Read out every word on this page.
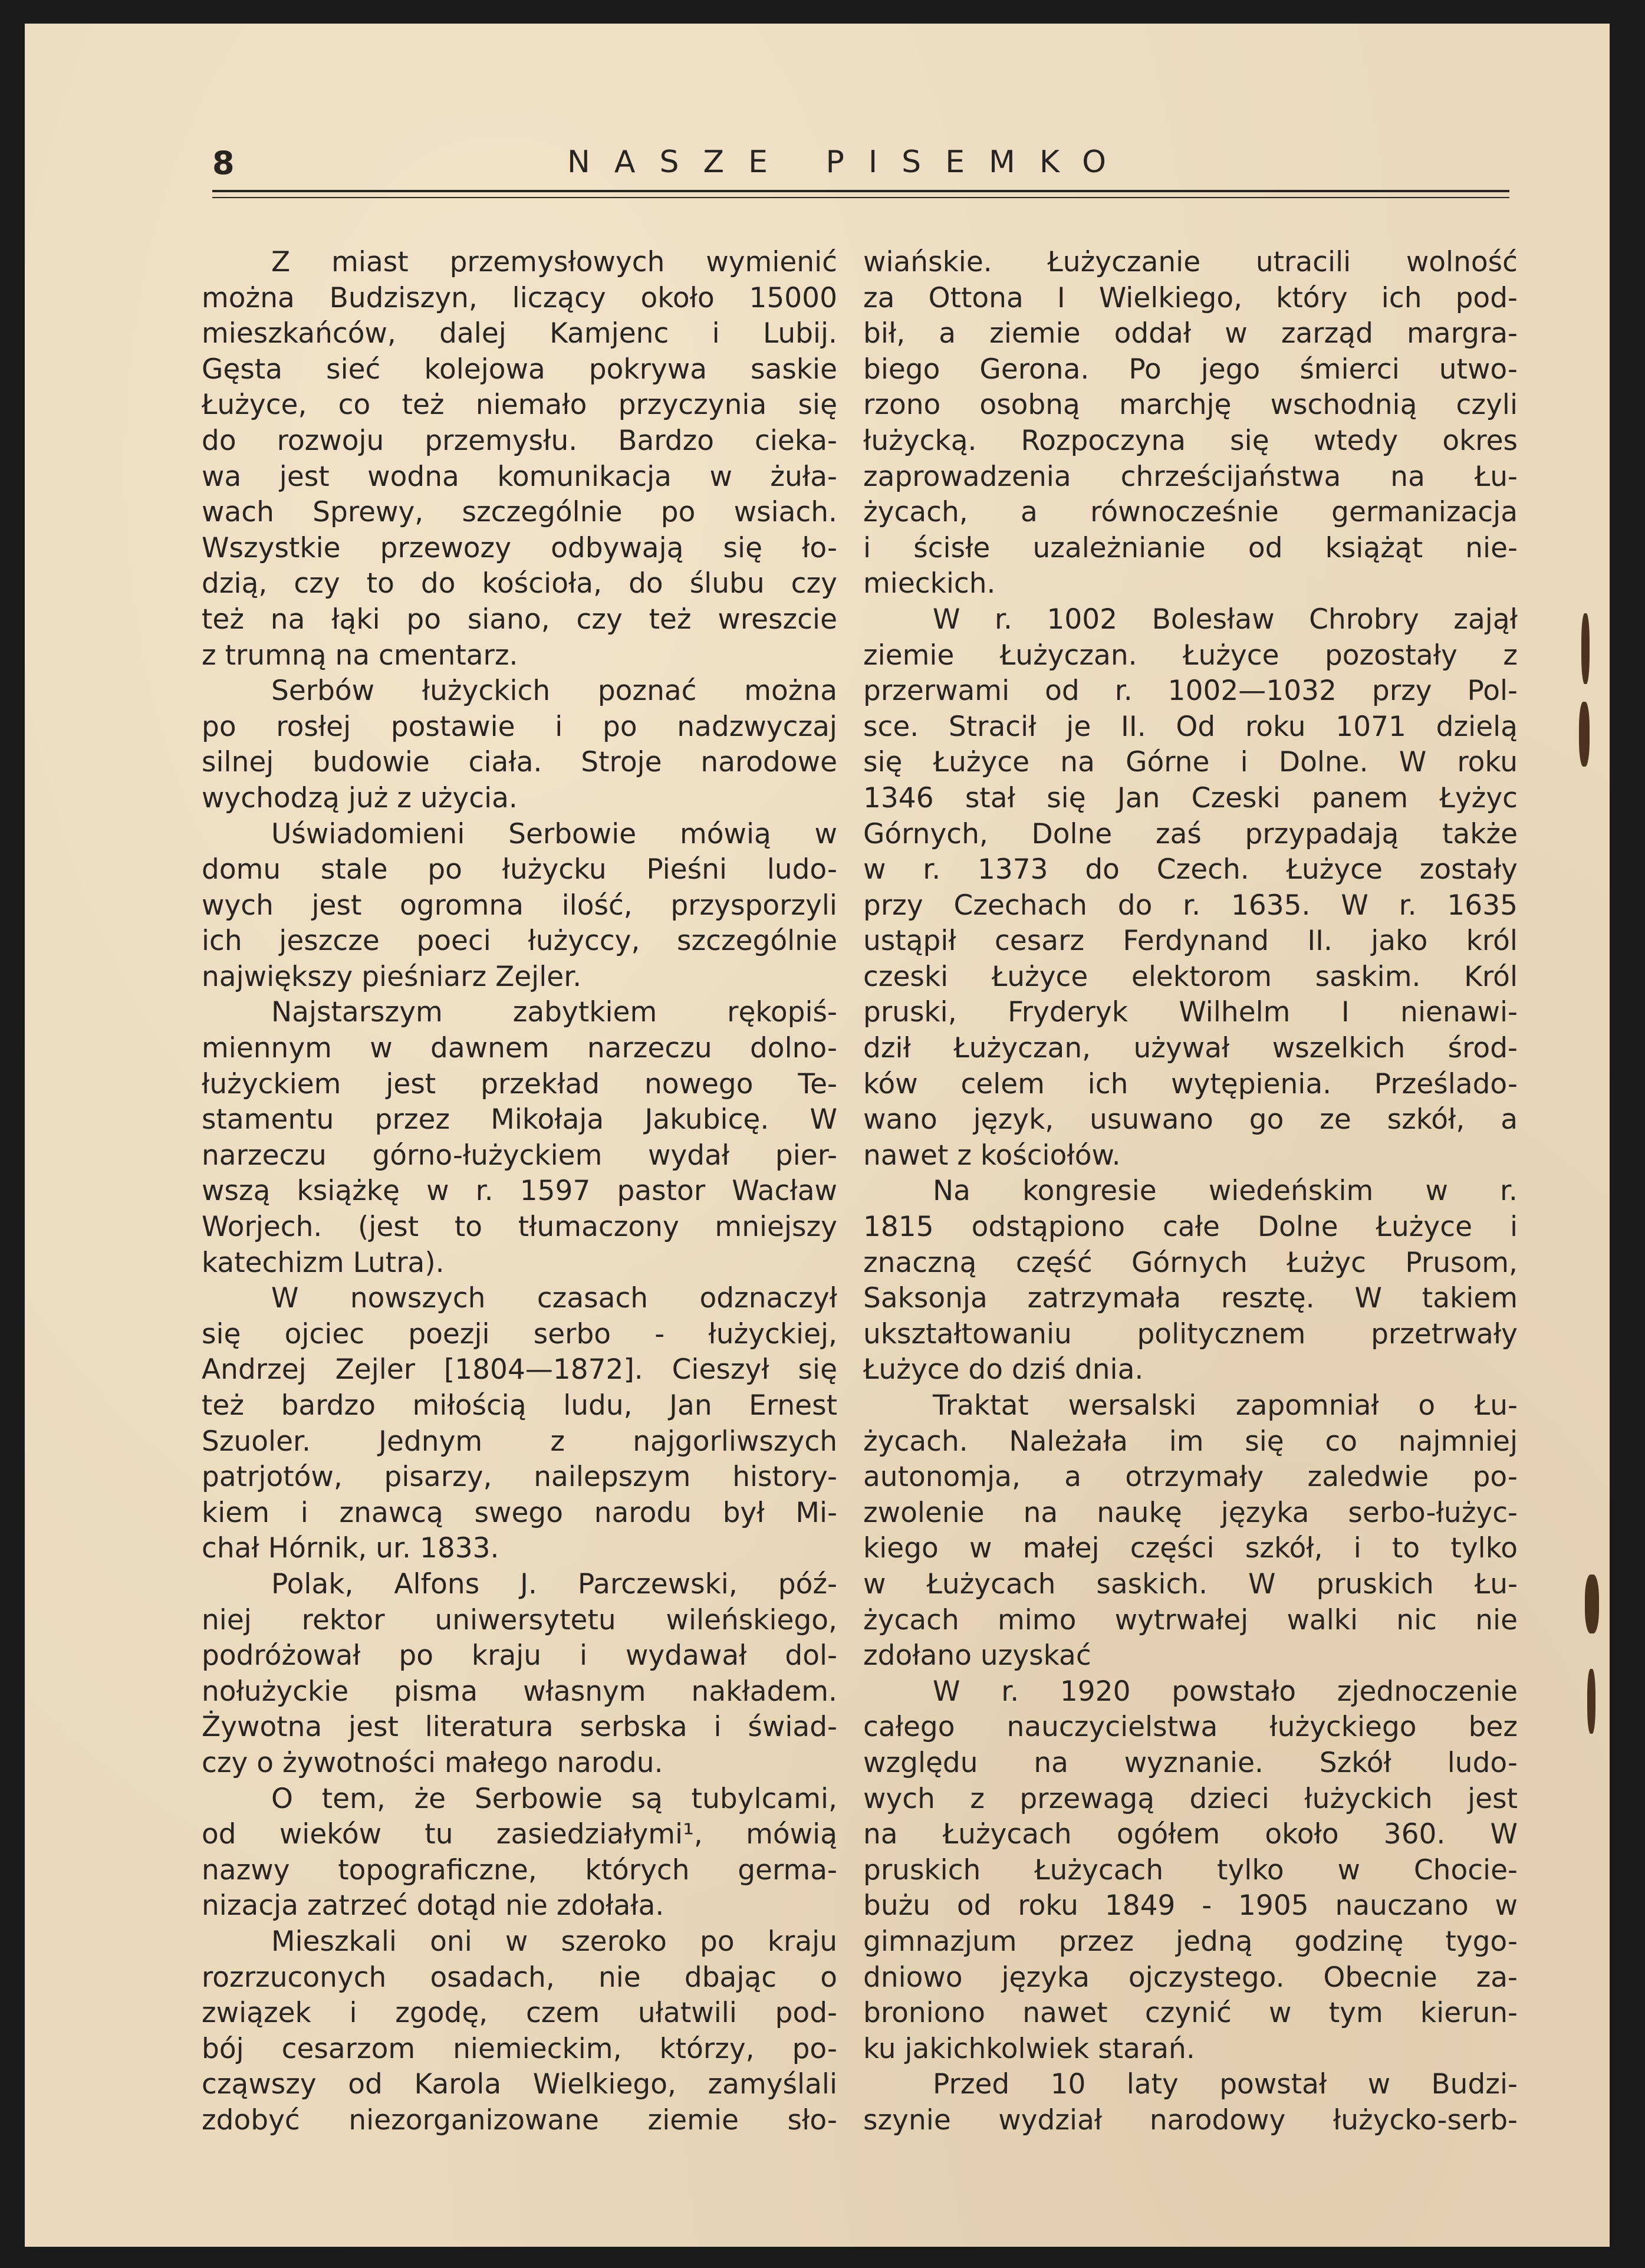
8	NASZE PISEMKO
Z miast przemysłowych wymienić
można Budziszyn, liczący około 15000
mieszkańców, dalej Kamjenc i Lubij.
Gęsta sieć kolejowa pokrywa saskie
Łużyce, co też niemało przyczynia się
do rozwoju przemysłu. Bardzo cieka-
wa jest wodna komunikacja w żuła-
wach Sprewy, szczególnie po wsiach.
Wszystkie przewozy odbywają się ło-
dzią, czy to do kościoła, do ślubu czy
też na łąki po siano, czy też wreszcie
z trumną na cmentarz.
Serbów łużyckich poznać można
po rosłej postawie i po nadzwyczaj
silnej budowie ciała. Stroje narodowe
wychodzą już z użycia.
Uświadomieni Serbowie mówią w
domu stale po łużycku Pieśni ludo-
wych jest ogromna ilość, przysporzyli
ich jeszcze poeci łużyccy, szczególnie
największy pieśniarz Zejler.
Najstarszym zabytkiem rękopiś-
miennym w dawnem narzeczu dolno-
łużyckiem jest przekład nowego Te-
stamentu przez Mikołaja Jakubicę. W
narzeczu górno-łużyckiem wydał pier-
wszą książkę w r. 1597 pastor Wacław
Worjech. (jest to tłumaczony mniejszy
katechizm Lutra).
W nowszych czasach odznaczył
się ojciec poezji serbo - łużyckiej,
Andrzej Zejler [1804—1872]. Cieszył się
też bardzo miłością ludu, Jan Ernest
Szuoler. Jednym z najgorliwszych
patrjotów, pisarzy, nailepszym history-
kiem i znawcą swego narodu był Mi-
chał Hórnik, ur. 1833.
Polak, Alfons J. Parczewski, póź-
niej rektor uniwersytetu wileńskiego,
podróżował po kraju i wydawał dol-
nołużyckie pisma własnym nakładem.
Żywotna jest literatura serbska i świad-
czy o żywotności małego narodu.
O tem, że Serbowie są tubylcami,
od wieków tu zasiedziałymi¹, mówią
nazwy topograficzne, których germa-
nizacja zatrzeć dotąd nie zdołała.
Mieszkali oni w szeroko po kraju
rozrzuconych osadach, nie dbając o
związek i zgodę, czem ułatwili pod-
bój cesarzom niemieckim, którzy, po-
cząwszy od Karola Wielkiego, zamyślali
zdobyć niezorganizowane ziemie sło-
wiańskie. Łużyczanie utracili wolność
za Ottona I Wielkiego, który ich pod-
bił, a ziemie oddał w zarząd margra-
biego Gerona. Po jego śmierci utwo-
rzono osobną marchję wschodnią czyli
łużycką. Rozpoczyna się wtedy okres
zaprowadzenia chrześcijaństwa na Łu-
życach, a równocześnie germanizacja
i ścisłe uzależnianie od książąt nie-
mieckich.
W r. 1002 Bolesław Chrobry zajął
ziemie Łużyczan. Łużyce pozostały z
przerwami od r. 1002—1032 przy Pol-
sce. Stracił je II. Od roku 1071 dzielą
się Łużyce na Górne i Dolne. W roku
1346 stał się Jan Czeski panem Łyżyc
Górnych, Dolne zaś przypadają także
w r. 1373 do Czech. Łużyce zostały
przy Czechach do r. 1635. W r. 1635
ustąpił cesarz Ferdynand II. jako król
czeski Łużyce elektorom saskim. Król
pruski, Fryderyk Wilhelm I nienawi-
dził Łużyczan, używał wszelkich środ-
ków celem ich wytępienia. Prześlado-
wano język, usuwano go ze szkół, a
nawet z kościołów.
Na kongresie wiedeńskim w r.
1815 odstąpiono całe Dolne Łużyce i
znaczną część Górnych Łużyc Prusom,
Saksonja zatrzymała resztę. W takiem
ukształtowaniu politycznem przetrwały
Łużyce do dziś dnia.
Traktat wersalski zapomniał o Łu-
życach. Należała im się co najmniej
autonomja, a otrzymały zaledwie po-
zwolenie na naukę języka serbo-łużyc-
kiego w małej części szkół, i to tylko
w Łużycach saskich. W pruskich Łu-
życach mimo wytrwałej walki nic nie
zdołano uzyskać
W r. 1920 powstało zjednoczenie
całego nauczycielstwa łużyckiego bez
względu na wyznanie. Szkół ludo-
wych z przewagą dzieci łużyckich jest
na Łużycach ogółem około 360. W
pruskich Łużycach tylko w Chocie-
bużu od roku 1849 - 1905 nauczano w
gimnazjum przez jedną godzinę tygo-
dniowo języka ojczystego. Obecnie za-
broniono nawet czynić w tym kierun-
ku jakichkolwiek starań.
Przed 10 laty powstał w Budzi-
szynie wydział narodowy łużycko-serb-
